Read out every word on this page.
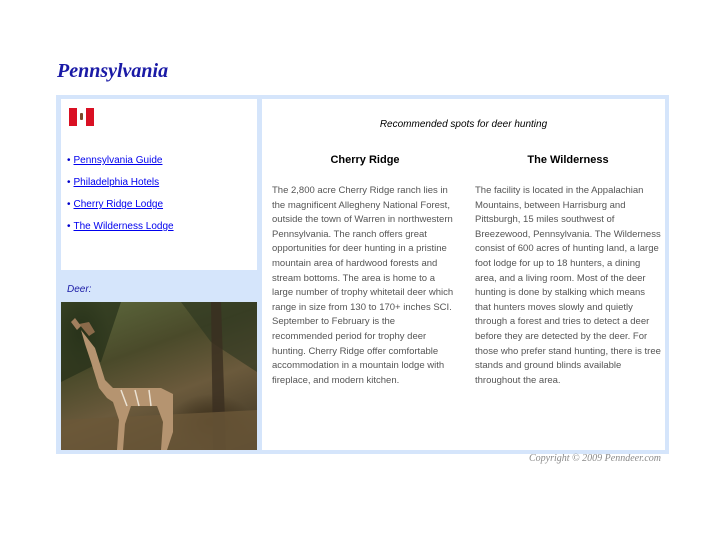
Pennsylvania
• Pennsylvania Guide
• Philadelphia Hotels
• Cherry Ridge Lodge
• The Wilderness Lodge
Deer:
Recommended spots for deer hunting
Cherry Ridge

The 2,800 acre Cherry Ridge ranch lies in the magnificent Allegheny National Forest, outside the town of Warren in northwestern Pennsylvania. The ranch offers great opportunities for deer hunting in a pristine mountain area of hardwood forests and stream bottoms. The area is home to a large number of trophy whitetail deer which range in size from 130 to 170+ inches SCI. September to February is the recommended period for trophy deer hunting. Cherry Ridge offer comfortable accommodation in a mountain lodge with fireplace, and modern kitchen.

The Wilderness

The facility is located in the Appalachian Mountains, between Harrisburg and Pittsburgh, 15 miles southwest of Breezewood, Pennsylvania. The Wilderness consist of 600 acres of hunting land, a large foot lodge for up to 18 hunters, a dining area, and a living room. Most of the deer hunting is done by stalking which means that hunters moves slowly and quietly through a forest and tries to detect a deer before they are detected by the deer. For those who prefer stand hunting, there is tree stands and ground blinds available throughout the area.

Copyright © 2009 Penndeer.com
